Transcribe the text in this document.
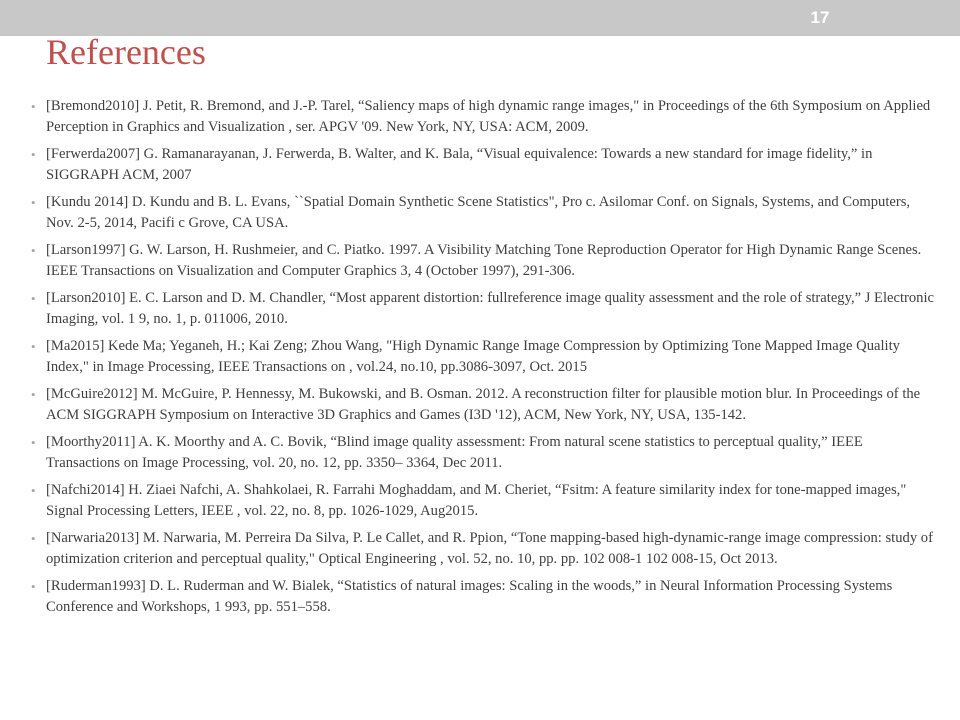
17
References
• [Bremond2010] J. Petit, R. Bremond, and J.-P. Tarel, “Saliency maps of high dynamic range images," in Proceedings of the 6th Symposium on Applied Perception in Graphics and Visualization , ser. APGV '09. New York, NY, USA: ACM, 2009.
• [Ferwerda2007] G. Ramanarayanan, J. Ferwerda, B. Walter, and K. Bala, “Visual equivalence: Towards a new standard for image fidelity,” in SIGGRAPH ACM, 2007
• [Kundu 2014] D. Kundu and B. L. Evans, ``Spatial Domain Synthetic Scene Statistics", Pro c. Asilomar Conf. on Signals, Systems, and Computers, Nov. 2-5, 2014, Pacifi c Grove, CA USA.
• [Larson1997] G. W. Larson, H. Rushmeier, and C. Piatko. 1997. A Visibility Matching Tone Reproduction Operator for High Dynamic Range Scenes. IEEE Transactions on Visualization and Computer Graphics 3, 4 (October 1997), 291-306.
• [Larson2010] E. C. Larson and D. M. Chandler, “Most apparent distortion: fullreference image quality assessment and the role of strategy,” J Electronic Imaging, vol. 1 9, no. 1, p. 011006, 2010.
• [Ma2015] Kede Ma; Yeganeh, H.; Kai Zeng; Zhou Wang, "High Dynamic Range Image Compression by Optimizing Tone Mapped Image Quality Index," in Image Processing, IEEE Transactions on , vol.24, no.10, pp.3086-3097, Oct. 2015
• [McGuire2012] M. McGuire, P. Hennessy, M. Bukowski, and B. Osman. 2012. A reconstruction filter for plausible motion blur. In Proceedings of the ACM SIGGRAPH Symposium on Interactive 3D Graphics and Games (I3D '12), ACM, New York, NY, USA, 135-142.
• [Moorthy2011] A. K. Moorthy and A. C. Bovik, “Blind image quality assessment: From natural scene statistics to perceptual quality,” IEEE Transactions on Image Processing, vol. 20, no. 12, pp. 3350– 3364, Dec 2011.
• [Nafchi2014] H. Ziaei Nafchi, A. Shahkolaei, R. Farrahi Moghaddam, and M. Cheriet, “Fsitm: A feature similarity index for tone-mapped images," Signal Processing Letters, IEEE , vol. 22, no. 8, pp. 1026-1029, Aug2015.
• [Narwaria2013] M. Narwaria, M. Perreira Da Silva, P. Le Callet, and R. Ppion, “Tone mapping-based high-dynamic-range image compression: study of optimization criterion and perceptual quality," Optical Engineering , vol. 52, no. 10, pp. pp. 102 008-1 102 008-15, Oct 2013.
• [Ruderman1993] D. L. Ruderman and W. Bialek, “Statistics of natural images: Scaling in the woods,” in Neural Information Processing Systems Conference and Workshops, 1 993, pp. 551–558.
